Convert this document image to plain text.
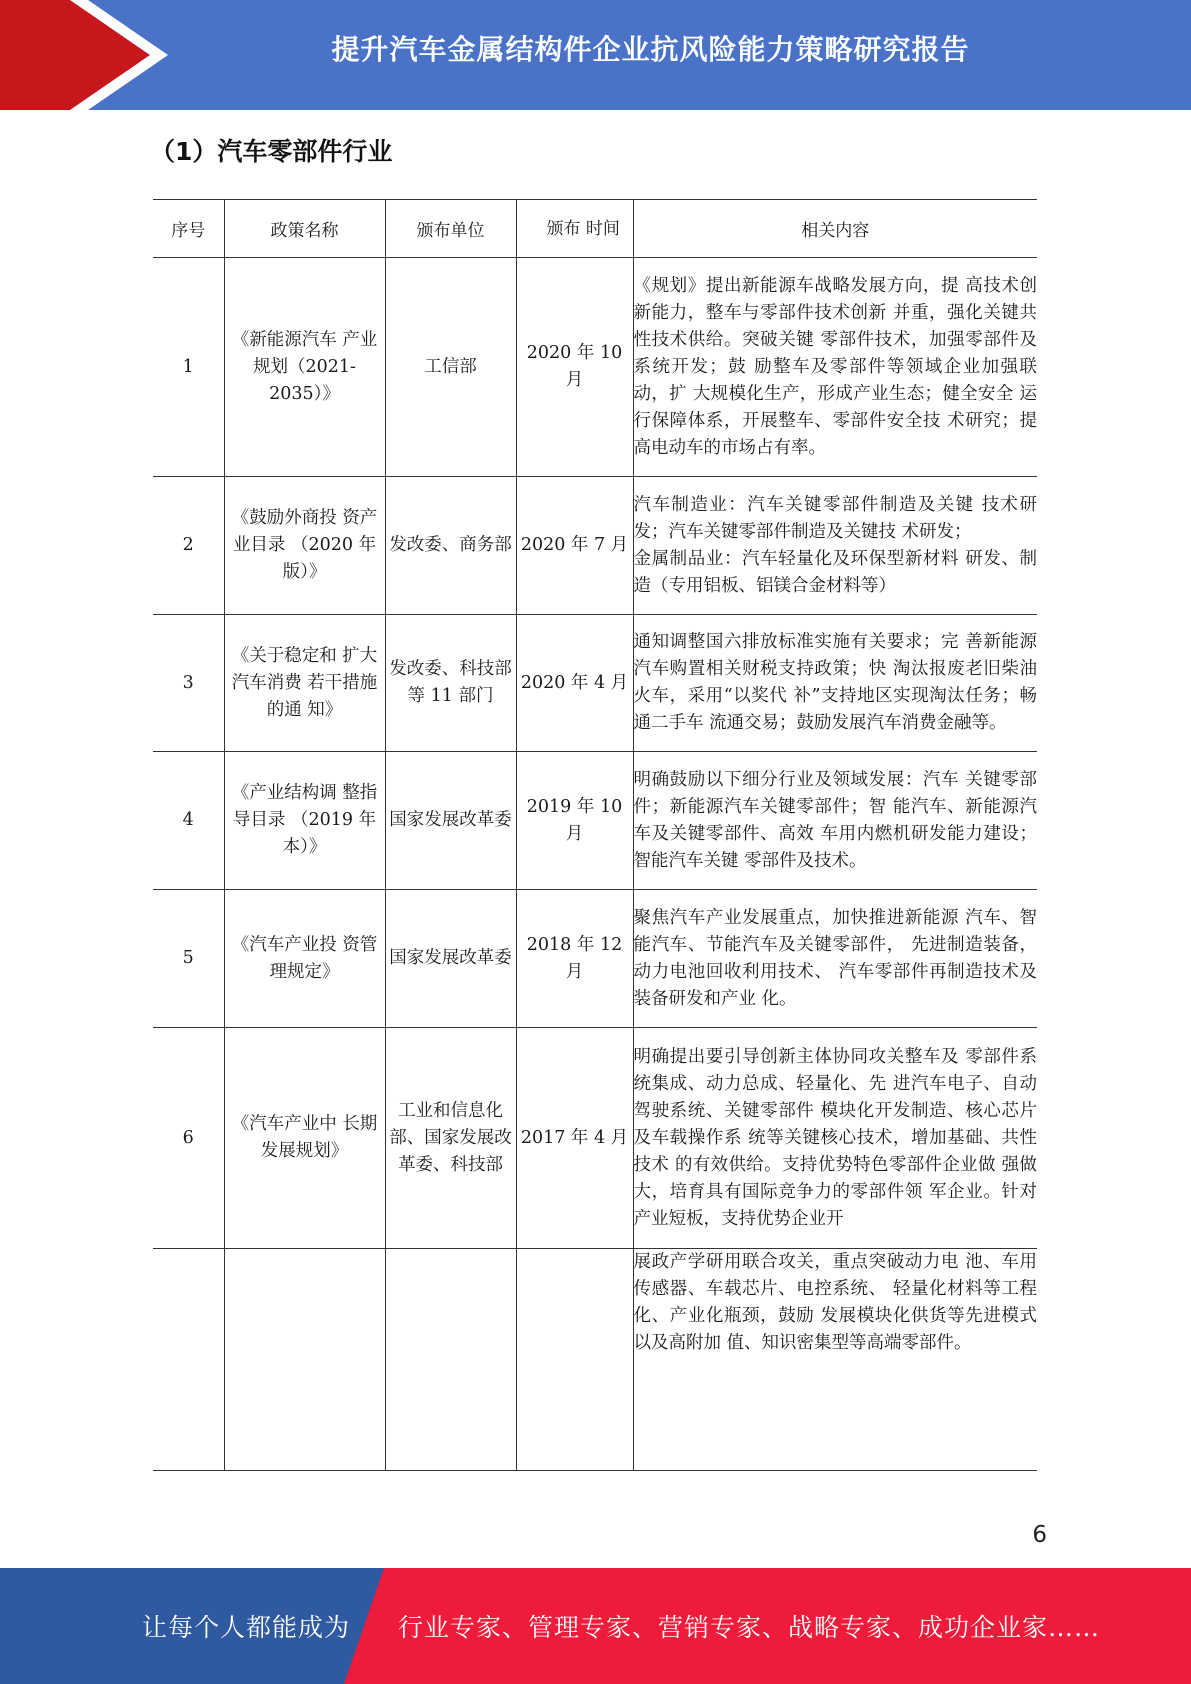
提升汽车金属结构件企业抗风险能力策略研究报告
（1）汽车零部件行业
序号	政策名称	颁布单位	颁布 时间	相关内容
1	《新能源汽车 产业规划（2021-2035）》	工信部	2020 年 10 月	《规划》提出新能源车战略发展方向，提 高技术创新能力，整车与零部件技术创新 并重，强化关键共性技术供给。突破关键 零部件技术，加强零部件及系统开发；鼓 励整车及零部件等领域企业加强联动，扩 大规模化生产，形成产业生态；健全安全 运行保障体系，开展整车、零部件安全技 术研究；提高电动车的市场占有率。
2	《鼓励外商投 资产业目录 （2020 年版）》	发改委、商务部	2020 年 7 月	汽车制造业：汽车关键零部件制造及关键 技术研发；汽车关键零部件制造及关键技 术研发；
金属制品业：汽车轻量化及环保型新材料 研发、制造（专用铝板、铝镁合金材料等）

3	《关于稳定和 扩大汽车消费 若干措施的通 知》	发改委、科技部等 11 部门	2020 年 4 月	通知调整国六排放标准实施有关要求；完 善新能源汽车购置相关财税支持政策；快 淘汰报废老旧柴油火车，采用“以奖代 补”支持地区实现淘汰任务；畅通二手车 流通交易；鼓励发展汽车消费金融等。
4	《产业结构调 整指导目录 （2019 年本）》	国家发展改革委	2019 年 10 月	明确鼓励以下细分行业及领域发展：汽车 关键零部件；新能源汽车关键零部件；智 能汽车、新能源汽车及关键零部件、高效 车用内燃机研发能力建设；智能汽车关键 零部件及技术。
5	《汽车产业投 资管理规定》	国家发展改革委	2018 年 12 月	聚焦汽车产业发展重点，加快推进新能源 汽车、智能汽车、节能汽车及关键零部件， 先进制造装备，动力电池回收利用技术、 汽车零部件再制造技术及装备研发和产业 化。
6	《汽车产业中 长期发展规划》	工业和信息化部、国家发展改革委、科技部	2017 年 4 月	明确提出要引导创新主体协同攻关整车及 零部件系统集成、动力总成、轻量化、先 进汽车电子、自动驾驶系统、关键零部件 模块化开发制造、核心芯片及车载操作系 统等关键核心技术，增加基础、共性技术 的有效供给。支持优势特色零部件企业做 强做大，培育具有国际竞争力的零部件领 军企业。针对产业短板，支持优势企业开
				展政产学研用联合攻关，重点突破动力电 池、车用传感器、车载芯片、电控系统、 轻量化材料等工程化、产业化瓶颈，鼓励 发展模块化供货等先进模式以及高附加 值、知识密集型等高端零部件。
6
让每个人都能成为 行业专家、管理专家、营销专家、战略专家、成功企业家……
